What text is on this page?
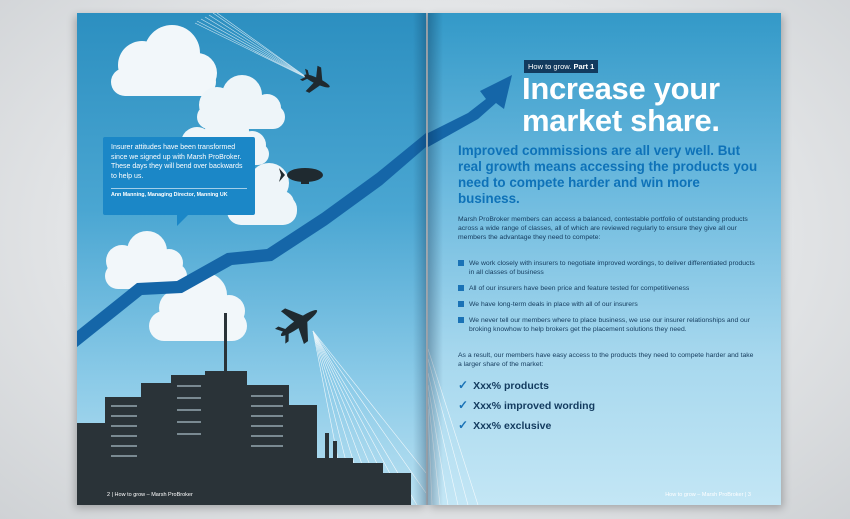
Insurer attitudes have been transformed since we signed up with Marsh ProBroker. These days they will bend over backwards to help us.

Ann Manning, Managing Director, Manning UK
2 | How to grow – Marsh ProBroker
How to grow. Part 1
Increase your
market share.

Improved commissions are all very well. But real growth means accessing the products you need to compete harder and win more business.

Marsh ProBroker members can access a balanced, contestable portfolio of outstanding products across a wide range of classes, all of which are reviewed regularly to ensure they give all our members the advantage they need to compete:

We work closely with insurers to negotiate improved wordings, to deliver differentiated products in all classes of business
All of our insurers have been price and feature tested for competitiveness
We have long-term deals in place with all of our insurers
We never tell our members where to place business, we use our insurer relationships and our broking knowhow to help brokers get the placement solutions they need.

As a result, our members have easy access to the products they need to compete harder and take a larger share of the market:

✓ Xxx% products
✓ Xxx% improved wording
✓ Xxx% exclusive
How to grow – Marsh ProBroker | 3
